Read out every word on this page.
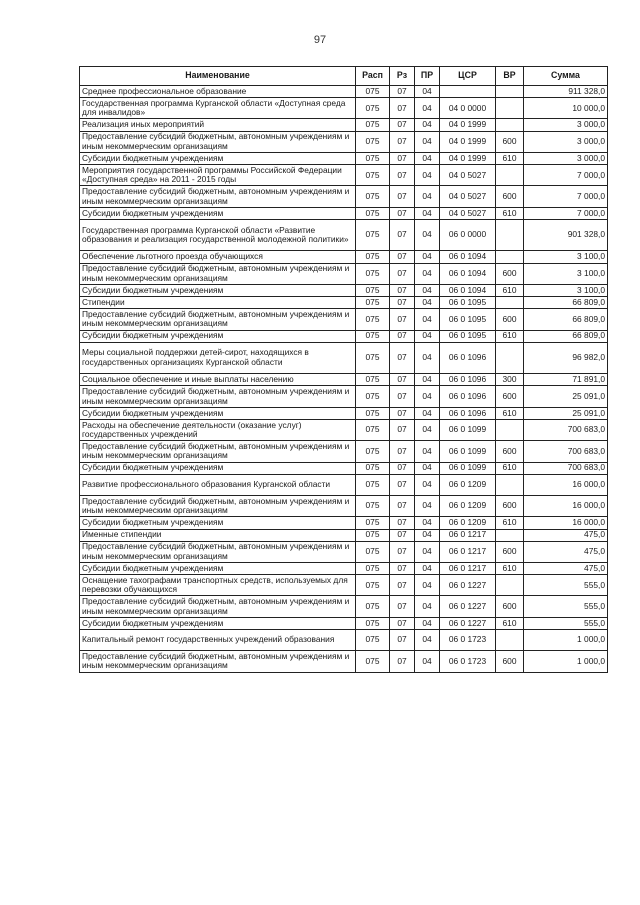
97
Наименование	Расп	Рз	ПР	ЦСР	ВР	Сумма
Среднее профессиональное образование	075	07	04			911 328,0
Государственная программа Курганской области «Доступная среда для инвалидов»	075	07	04	04 0 0000		10 000,0
Реализация иных мероприятий	075	07	04	04 0 1999		3 000,0
Предоставление субсидий бюджетным, автономным учреждениям и иным некоммерческим организациям	075	07	04	04 0 1999	600	3 000,0
Субсидии бюджетным учреждениям	075	07	04	04 0 1999	610	3 000,0
Мероприятия государственной программы Российской Федерации «Доступная среда» на 2011 - 2015 годы	075	07	04	04 0 5027		7 000,0
Предоставление субсидий бюджетным, автономным учреждениям и иным некоммерческим организациям	075	07	04	04 0 5027	600	7 000,0
Субсидии бюджетным учреждениям	075	07	04	04 0 5027	610	7 000,0
Государственная программа Курганской области «Развитие образования и реализация государственной молодежной политики»	075	07	04	06 0 0000		901 328,0
Обеспечение льготного проезда обучающихся	075	07	04	06 0 1094		3 100,0
Предоставление субсидий бюджетным, автономным учреждениям и иным некоммерческим организациям	075	07	04	06 0 1094	600	3 100,0
Субсидии бюджетным учреждениям	075	07	04	06 0 1094	610	3 100,0
Стипендии	075	07	04	06 0 1095		66 809,0
Предоставление субсидий бюджетным, автономным учреждениям и иным некоммерческим организациям	075	07	04	06 0 1095	600	66 809,0
Субсидии бюджетным учреждениям	075	07	04	06 0 1095	610	66 809,0
Меры социальной поддержки детей-сирот, находящихся в государственных организациях Курганской области	075	07	04	06 0 1096		96 982,0
Социальное обеспечение и иные выплаты населению	075	07	04	06 0 1096	300	71 891,0
Предоставление субсидий бюджетным, автономным учреждениям и иным некоммерческим организациям	075	07	04	06 0 1096	600	25 091,0
Субсидии бюджетным учреждениям	075	07	04	06 0 1096	610	25 091,0
Расходы на обеспечение деятельности (оказание услуг) государственных учреждений	075	07	04	06 0 1099		700 683,0
Предоставление субсидий бюджетным, автономным учреждениям и иным некоммерческим организациям	075	07	04	06 0 1099	600	700 683,0
Субсидии бюджетным учреждениям	075	07	04	06 0 1099	610	700 683,0
Развитие профессионального образования Курганской области	075	07	04	06 0 1209		16 000,0
Предоставление субсидий бюджетным, автономным учреждениям и иным некоммерческим организациям	075	07	04	06 0 1209	600	16 000,0
Субсидии бюджетным учреждениям	075	07	04	06 0 1209	610	16 000,0
Именные стипендии	075	07	04	06 0 1217		475,0
Предоставление субсидий бюджетным, автономным учреждениям и иным некоммерческим организациям	075	07	04	06 0 1217	600	475,0
Субсидии бюджетным учреждениям	075	07	04	06 0 1217	610	475,0
Оснащение тахографами транспортных средств, используемых для перевозки обучающихся	075	07	04	06 0 1227		555,0
Предоставление субсидий бюджетным, автономным учреждениям и иным некоммерческим организациям	075	07	04	06 0 1227	600	555,0
Субсидии бюджетным учреждениям	075	07	04	06 0 1227	610	555,0
Капитальный ремонт государственных учреждений образования	075	07	04	06 0 1723		1 000,0
Предоставление субсидий бюджетным, автономным учреждениям и иным некоммерческим организациям	075	07	04	06 0 1723	600	1 000,0
